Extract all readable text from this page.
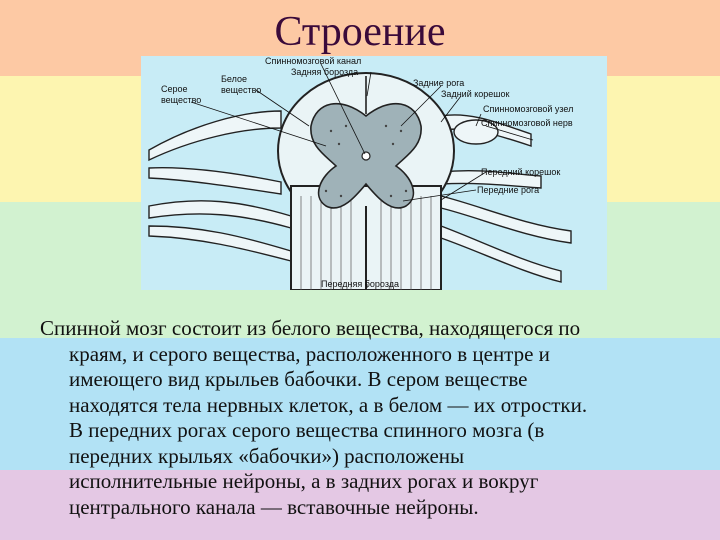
Строение
Спинномозговой канал
Задняя борозда
Белое вещество
Серое вещество
Задние рога
Задний корешок
Спинномозговой узел
Спинномозговой нерв
Передний корешок
Передние рога
Передняя борозда
Спинной мозг состоит из белого вещества, находящегося по
краям, и серого вещества, расположенного в центре и
имеющего вид крыльев бабочки. В сером веществе
находятся тела нервных клеток, а в белом — их отростки.
В передних рогах серого вещества спинного мозга (в
передних крыльях «бабочки») расположены
исполнительные нейроны, а в задних рогах и вокруг
центрального канала — вставочные нейроны.
